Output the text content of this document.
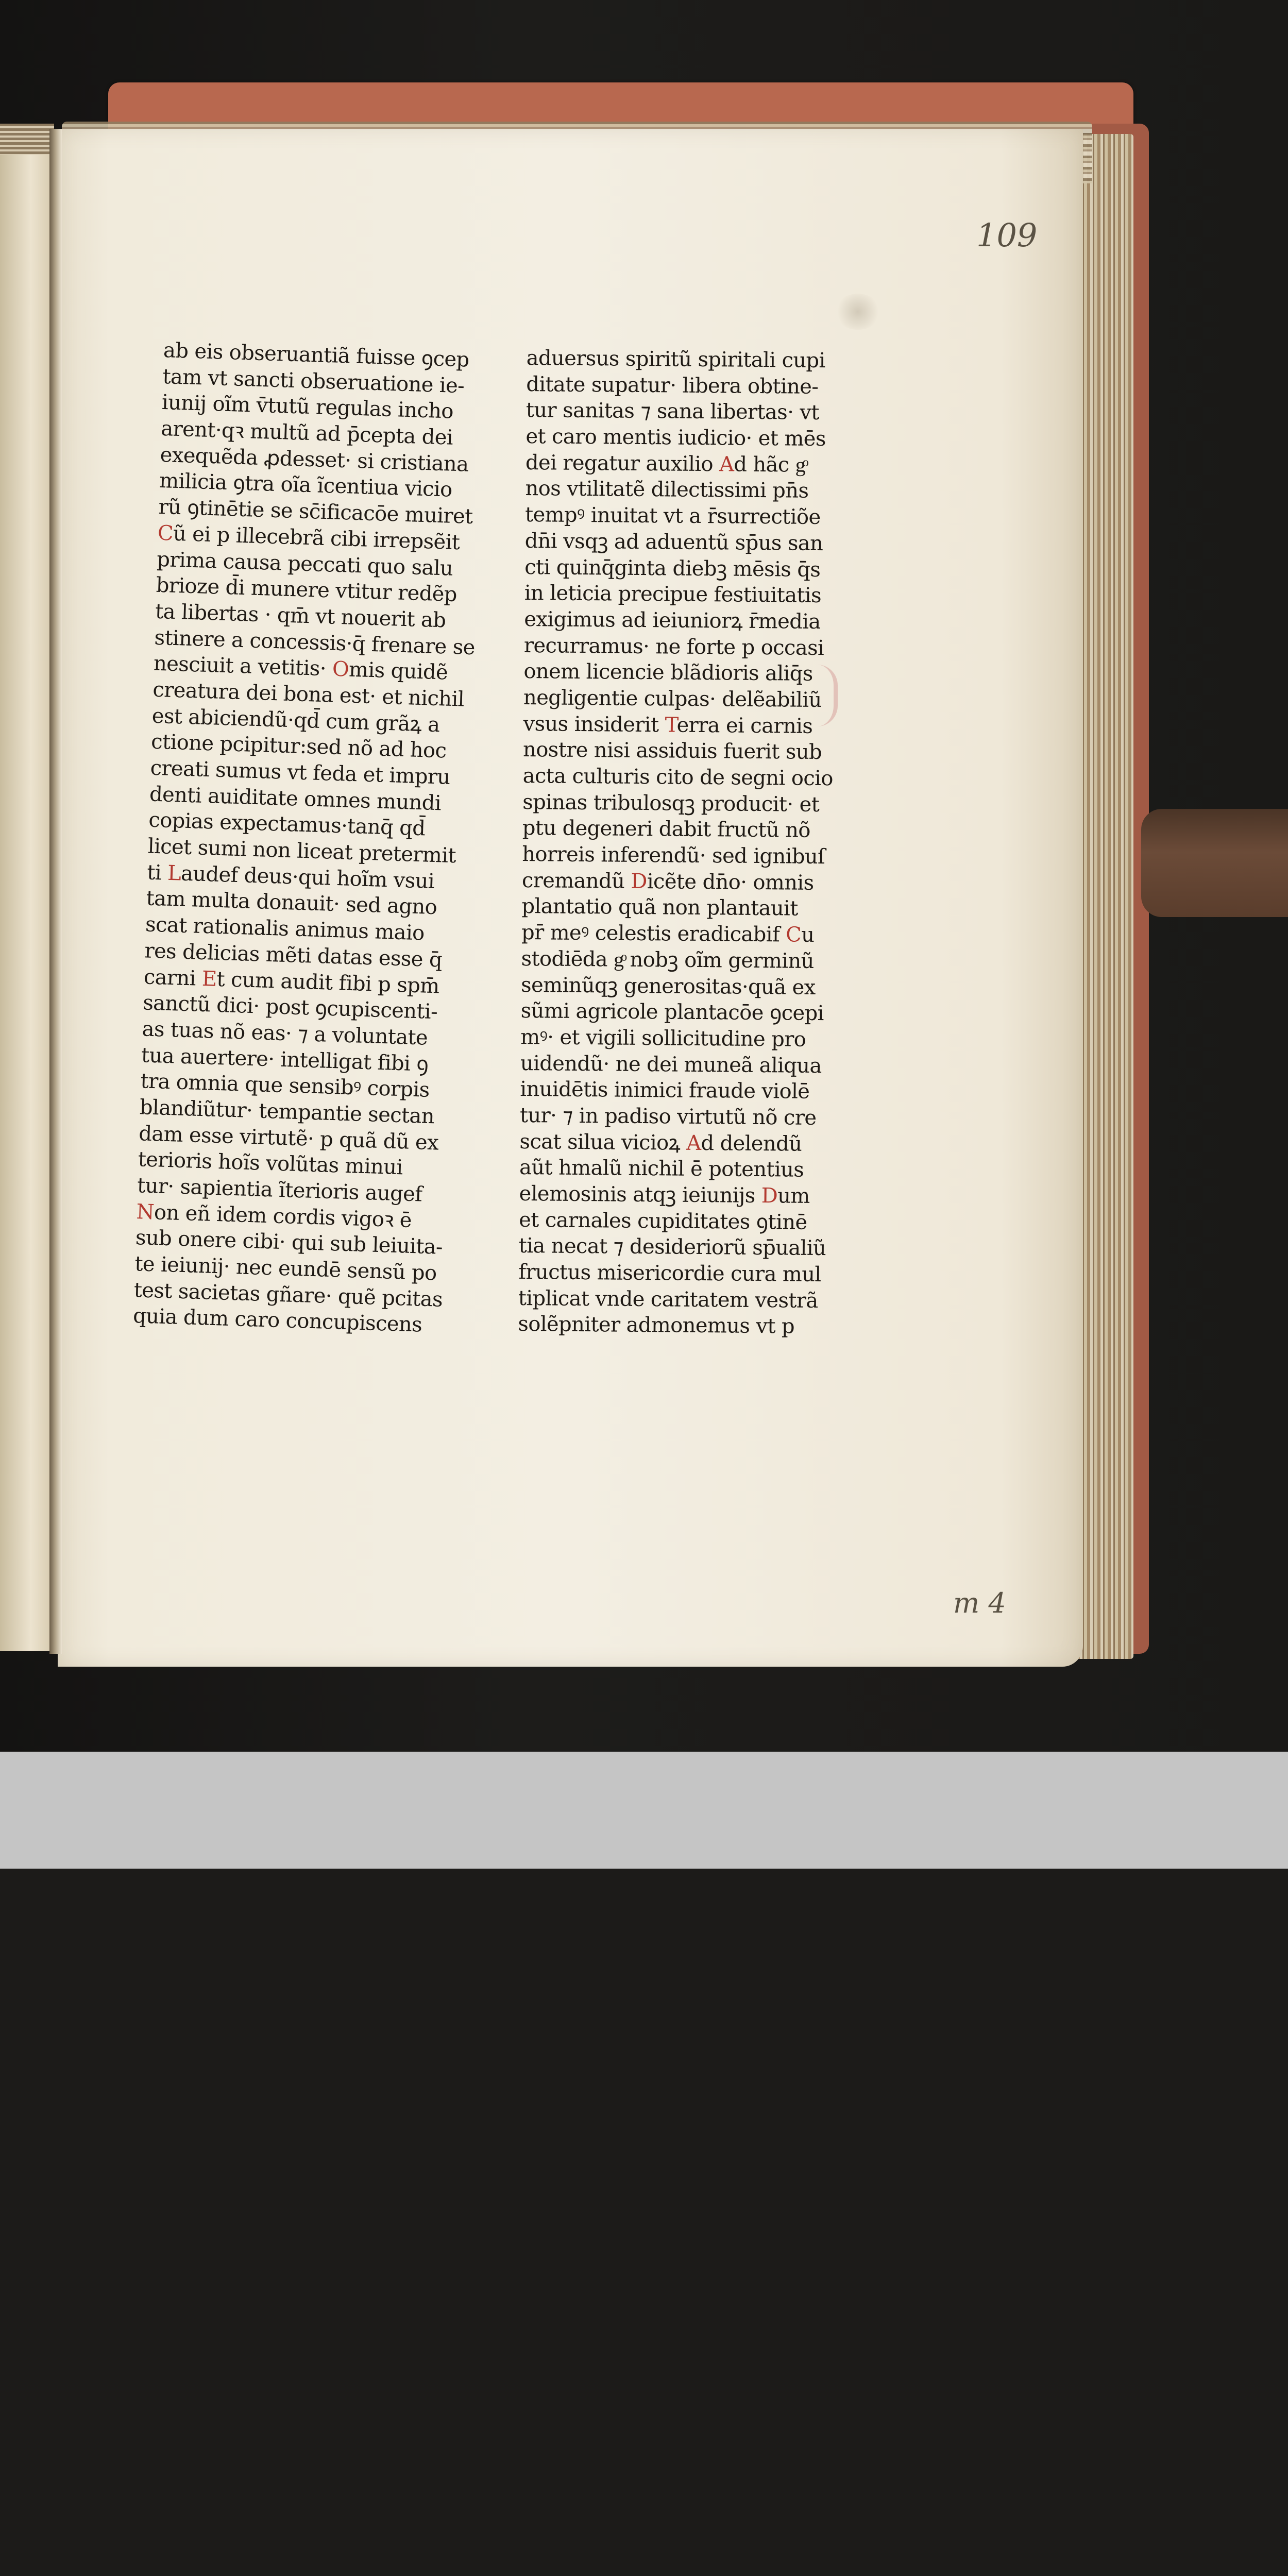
109
m 4
ab eis obseruantiã fuisse ꝯcep
tam vt sancti obseruatione ie-
iunij oĩm v̄tutũ regulas incho
arent·qꝛ multũ ad p̄cepta dei
exequẽda ꝓdesset· si cristiana
milicia ꝯtra oĩa ĩcentiua vicio
rũ ꝯtinētie se sc̄ificacōe muiret
Cũ ei p illecebrã cibi irrepsẽit
prima causa peccati quo salu
brioze d̄i munere vtitur redẽp
ta libertas · qm̄ vt nouerit ab
stinere a concessis·q̄ frenare se
nesciuit a vetitis· Omis quidẽ
creatura dei bona est· et nichil
est abiciendũ·qd̄ cum grãꝝ a
ctione pcipitur:sed nõ ad hoc
creati sumus vt feda et impru
denti auiditate omnes mundi
copias expectamus·tanq̄ qd̄
licet sumi non liceat pretermit
ti Laudef deus·qui hoĩm vsui
tam multa donauit· sed agno
scat rationalis animus maio
res delicias mẽti datas esse q̄
carni Et cum audit fibi p spm̄
sanctũ dici· post ꝯcupiscenti-
as tuas nõ eas· ⁊ a voluntate
tua auertere· intelligat fibi ꝯ
tra omnia que sensibꝰ corpis
blandiũtur· tempantie sectan
dam esse virtutẽ· p quã dũ ex
terioris hoĩs volũtas minui
tur· sapientia ĩterioris augef
Non eñ idem cordis vigoꝛ ē
sub onere cibi· qui sub leiuita-
te ieiunij· nec eundē sensũ po
test sacietas gñare· quẽ pcitas
quia dum caro concupiscens
aduersus spiritũ spiritali cupi
ditate supatur· libera obtine-
tur sanitas ⁊ sana libertas· vt
et caro mentis iudicio· et mēs
dei regatur auxilio Ad hãc gͦ
nos vtilitatẽ dilectissimi pn̄s
tempꝰ inuitat vt a r̄surrectiõe
dn̄i vsqꝫ ad aduentũ sp̄us san
cti quinq̄ginta diebꝫ mēsis q̄s
in leticia precipue festiuitatis
exigimus ad ieiuniorꝝ r̄media
recurramus· ne forte p occasi
onem licencie blãdioris aliq̄s
negligentie culpas· delẽabiliũ
vsus insiderit Terra ei carnis
nostre nisi assiduis fuerit sub
acta culturis cito de segni ocio
spinas tribulosqꝫ producit· et
ptu degeneri dabit fructũ nõ
horreis inferendũ· sed ignibuſ
cremandũ Dicẽte dn̄o· omnis
plantatio quã non plantauit
pr̄ meꝰ celestis eradicabif Cu
stodiēda gͦ nobꝫ oĩm germinũ
seminũqꝫ generositas·quã ex
sũmi agricole plantacōe ꝯcepi
mꝰ· et vigili sollicitudine pro
uidendũ· ne dei muneã aliqua
inuidētis inimici fraude violē
tur· ⁊ in padiso virtutũ nõ cre
scat silua vicioꝝ Ad delendũ
aũt hmalũ nichil ē potentius
elemosinis atqꝫ ieiunijs Dum
et carnales cupiditates ꝯtinē
tia necat ⁊ desideriorũ sp̄ualiũ
fructus misericordie cura mul
tiplicat vnde caritatem vestrã
solẽpniter admonemus vt p
